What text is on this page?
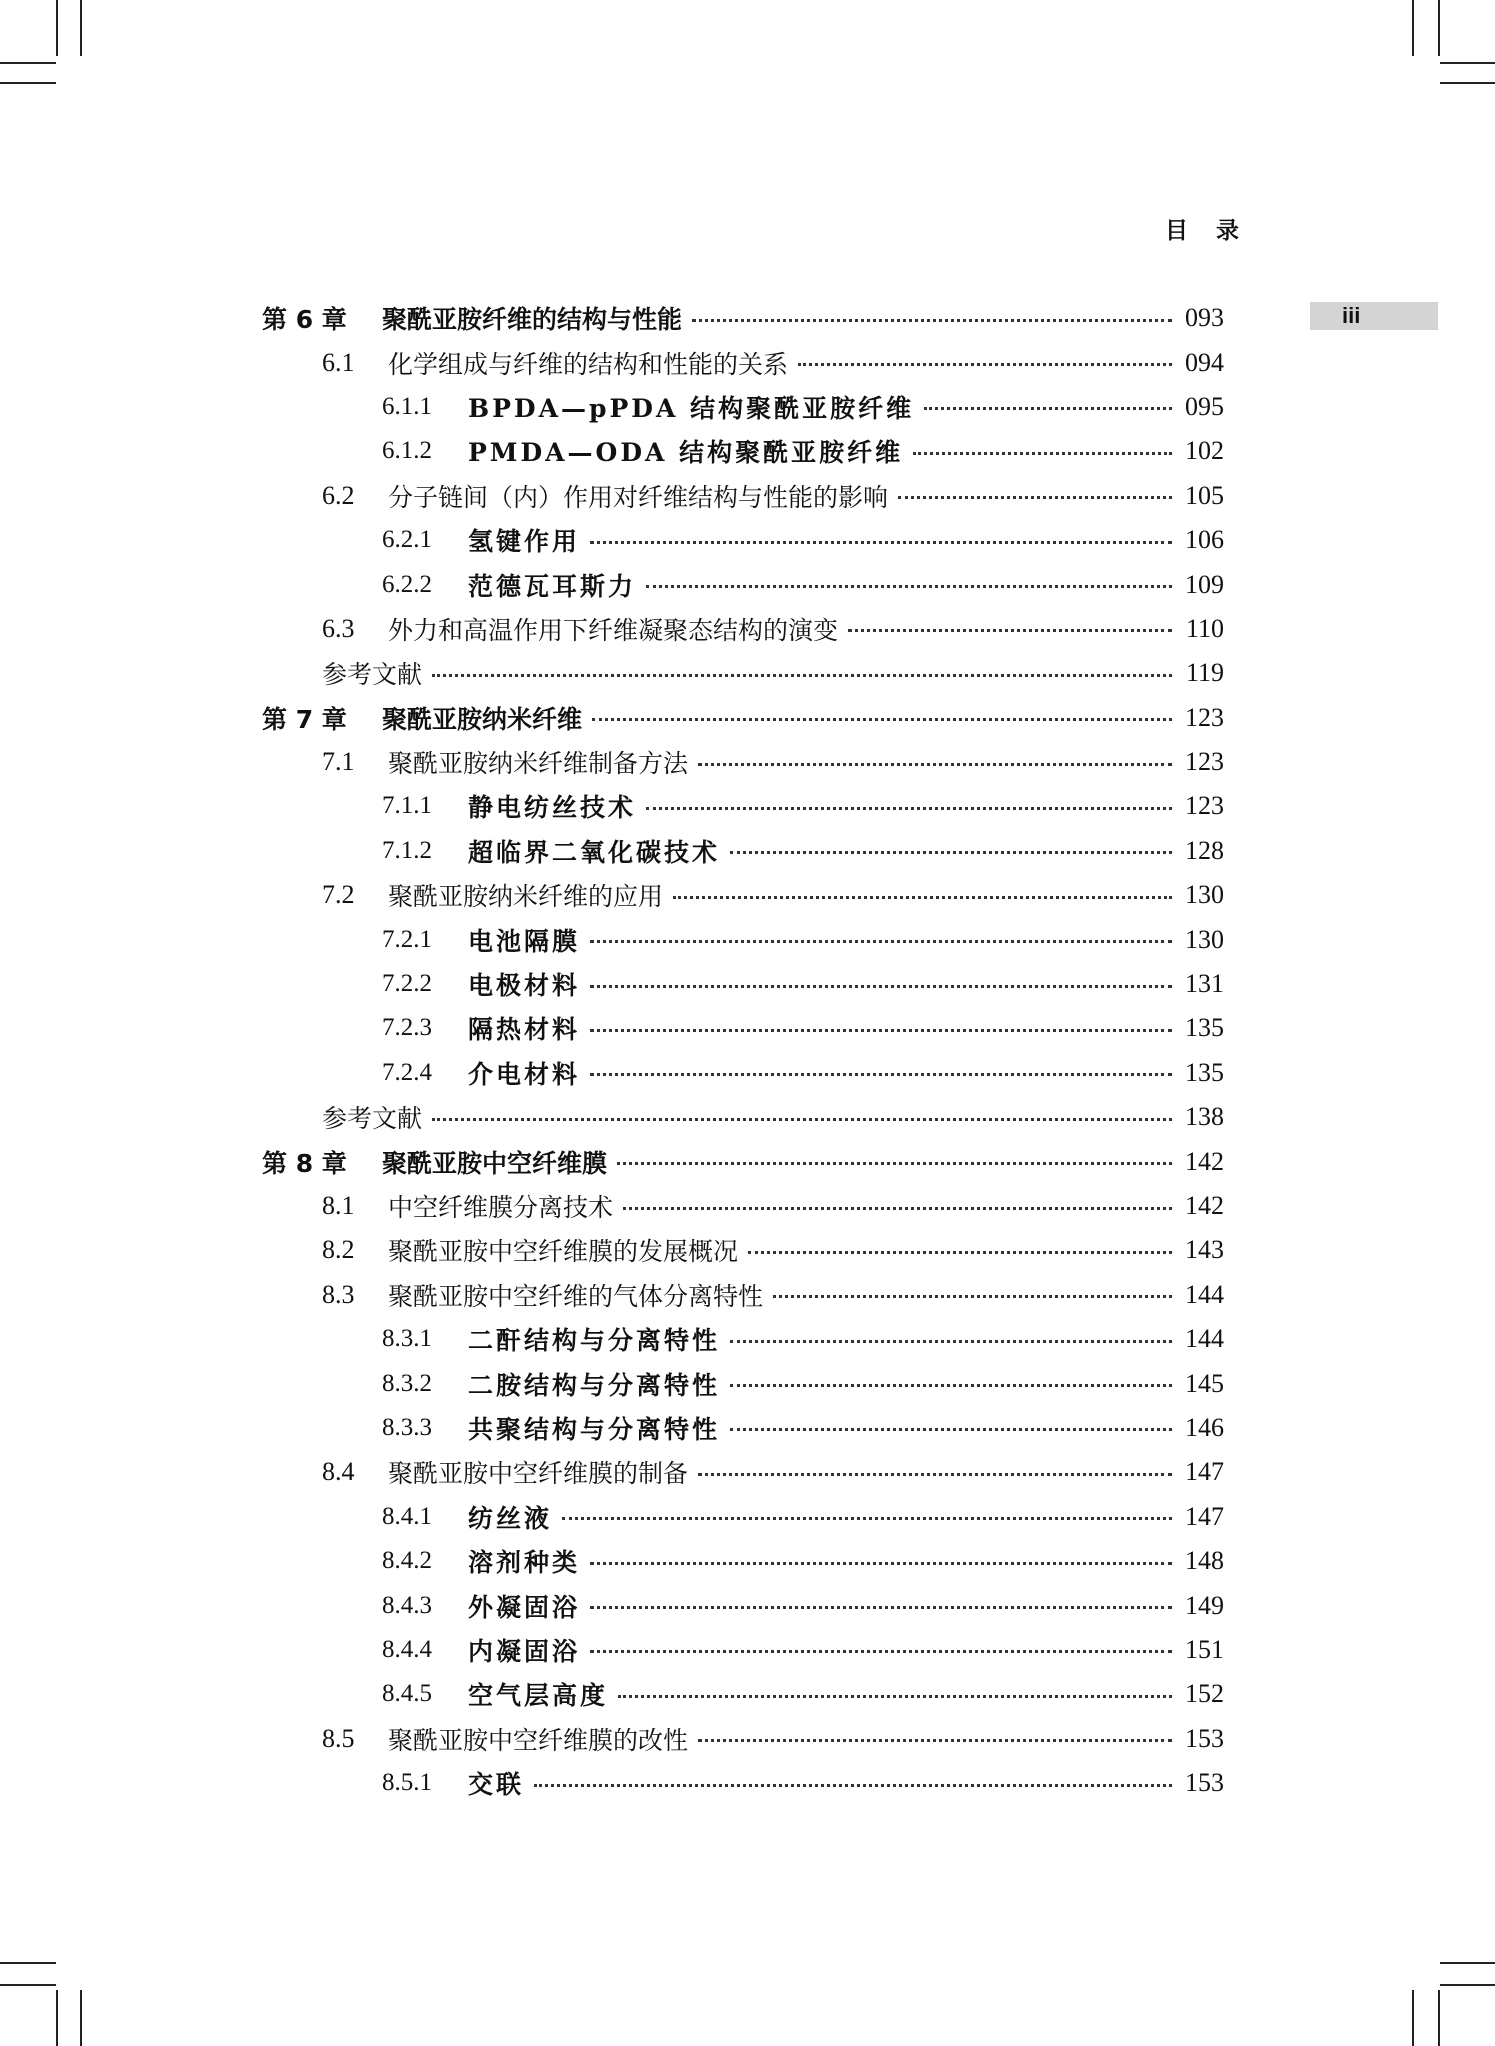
目 录
iii
第 6 章	聚酰亚胺纤维的结构与性能	093
6.1	化学组成与纤维的结构和性能的关系	094
6.1.1	BPDA—pPDA 结构聚酰亚胺纤维	095
6.1.2	PMDA—ODA 结构聚酰亚胺纤维	102
6.2	分子链间（内）作用对纤维结构与性能的影响	105
6.2.1	氢键作用	106
6.2.2	范德瓦耳斯力	109
6.3	外力和高温作用下纤维凝聚态结构的演变	110
参考文献	119
第 7 章	聚酰亚胺纳米纤维	123
7.1	聚酰亚胺纳米纤维制备方法	123
7.1.1	静电纺丝技术	123
7.1.2	超临界二氧化碳技术	128
7.2	聚酰亚胺纳米纤维的应用	130
7.2.1	电池隔膜	130
7.2.2	电极材料	131
7.2.3	隔热材料	135
7.2.4	介电材料	135
参考文献	138
第 8 章	聚酰亚胺中空纤维膜	142
8.1	中空纤维膜分离技术	142
8.2	聚酰亚胺中空纤维膜的发展概况	143
8.3	聚酰亚胺中空纤维的气体分离特性	144
8.3.1	二酐结构与分离特性	144
8.3.2	二胺结构与分离特性	145
8.3.3	共聚结构与分离特性	146
8.4	聚酰亚胺中空纤维膜的制备	147
8.4.1	纺丝液	147
8.4.2	溶剂种类	148
8.4.3	外凝固浴	149
8.4.4	内凝固浴	151
8.4.5	空气层高度	152
8.5	聚酰亚胺中空纤维膜的改性	153
8.5.1	交联	153
